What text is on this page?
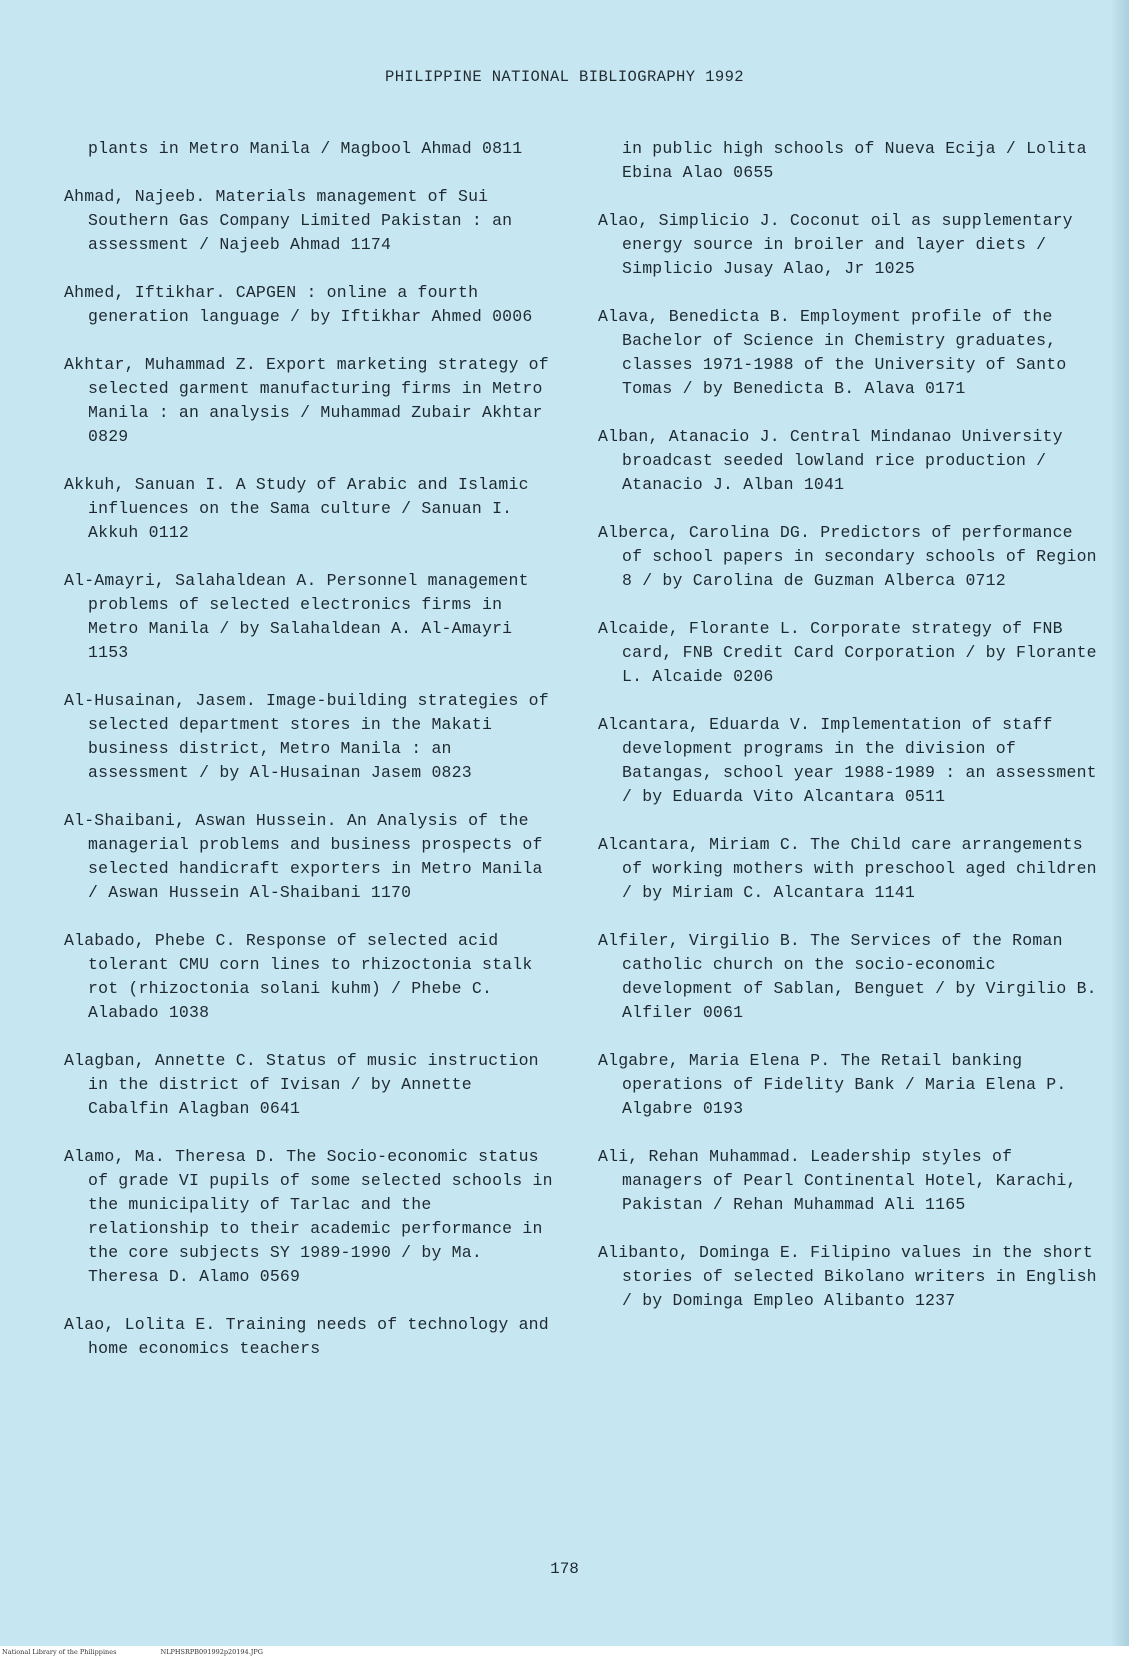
PHILIPPINE NATIONAL BIBLIOGRAPHY 1992

plants in Metro Manila / Magbool Ahmad 0811

Ahmad, Najeeb. Materials management of Sui Southern Gas Company Limited Pakistan : an assessment / Najeeb Ahmad 1174

Ahmed, Iftikhar. CAPGEN : online a fourth generation language / by Iftikhar Ahmed 0006

Akhtar, Muhammad Z. Export marketing strategy of selected garment manufacturing firms in Metro Manila : an analysis / Muhammad Zubair Akhtar 0829

Akkuh, Sanuan I. A Study of Arabic and Islamic influences on the Sama culture / Sanuan I. Akkuh 0112

Al-Amayri, Salahaldean A. Personnel management problems of selected electronics firms in Metro Manila / by Salahaldean A. Al-Amayri 1153

Al-Husainan, Jasem. Image-building strategies of selected department stores in the Makati business district, Metro Manila : an assessment / by Al-Husainan Jasem 0823

Al-Shaibani, Aswan Hussein. An Analysis of the managerial problems and business prospects of selected handicraft exporters in Metro Manila / Aswan Hussein Al-Shaibani 1170

Alabado, Phebe C. Response of selected acid tolerant CMU corn lines to rhizoctonia stalk rot (rhizoctonia solani kuhm) / Phebe C. Alabado 1038

Alagban, Annette C. Status of music instruction in the district of Ivisan / by Annette Cabalfin Alagban 0641

Alamo, Ma. Theresa D. The Socio-economic status of grade VI pupils of some selected schools in the municipality of Tarlac and the relationship to their academic performance in the core subjects SY 1989-1990 / by Ma. Theresa D. Alamo 0569

Alao, Lolita E. Training needs of technology and home economics teachers

in public high schools of Nueva Ecija / Lolita Ebina Alao 0655

Alao, Simplicio J. Coconut oil as supplementary energy source in broiler and layer diets / Simplicio Jusay Alao, Jr 1025

Alava, Benedicta B. Employment profile of the Bachelor of Science in Chemistry graduates, classes 1971-1988 of the University of Santo Tomas / by Benedicta B. Alava 0171

Alban, Atanacio J. Central Mindanao University broadcast seeded lowland rice production / Atanacio J. Alban 1041

Alberca, Carolina DG. Predictors of performance of school papers in secondary schools of Region 8 / by Carolina de Guzman Alberca 0712

Alcaide, Florante L. Corporate strategy of FNB card, FNB Credit Card Corporation / by Florante L. Alcaide 0206

Alcantara, Eduarda V. Implementation of staff development programs in the division of Batangas, school year 1988-1989 : an assessment / by Eduarda Vito Alcantara 0511

Alcantara, Miriam C. The Child care arrangements of working mothers with preschool aged children / by Miriam C. Alcantara 1141

Alfiler, Virgilio B. The Services of the Roman catholic church on the socio-economic development of Sablan, Benguet / by Virgilio B. Alfiler 0061

Algabre, Maria Elena P. The Retail banking operations of Fidelity Bank / Maria Elena P. Algabre 0193

Ali, Rehan Muhammad. Leadership styles of managers of Pearl Continental Hotel, Karachi, Pakistan / Rehan Muhammad Ali 1165

Alibanto, Dominga E. Filipino values in the short stories of selected Bikolano writers in English / by Dominga Empleo Alibanto 1237

178
National Library of the Philippines	NLPHSRPB091992p20194.JPG
